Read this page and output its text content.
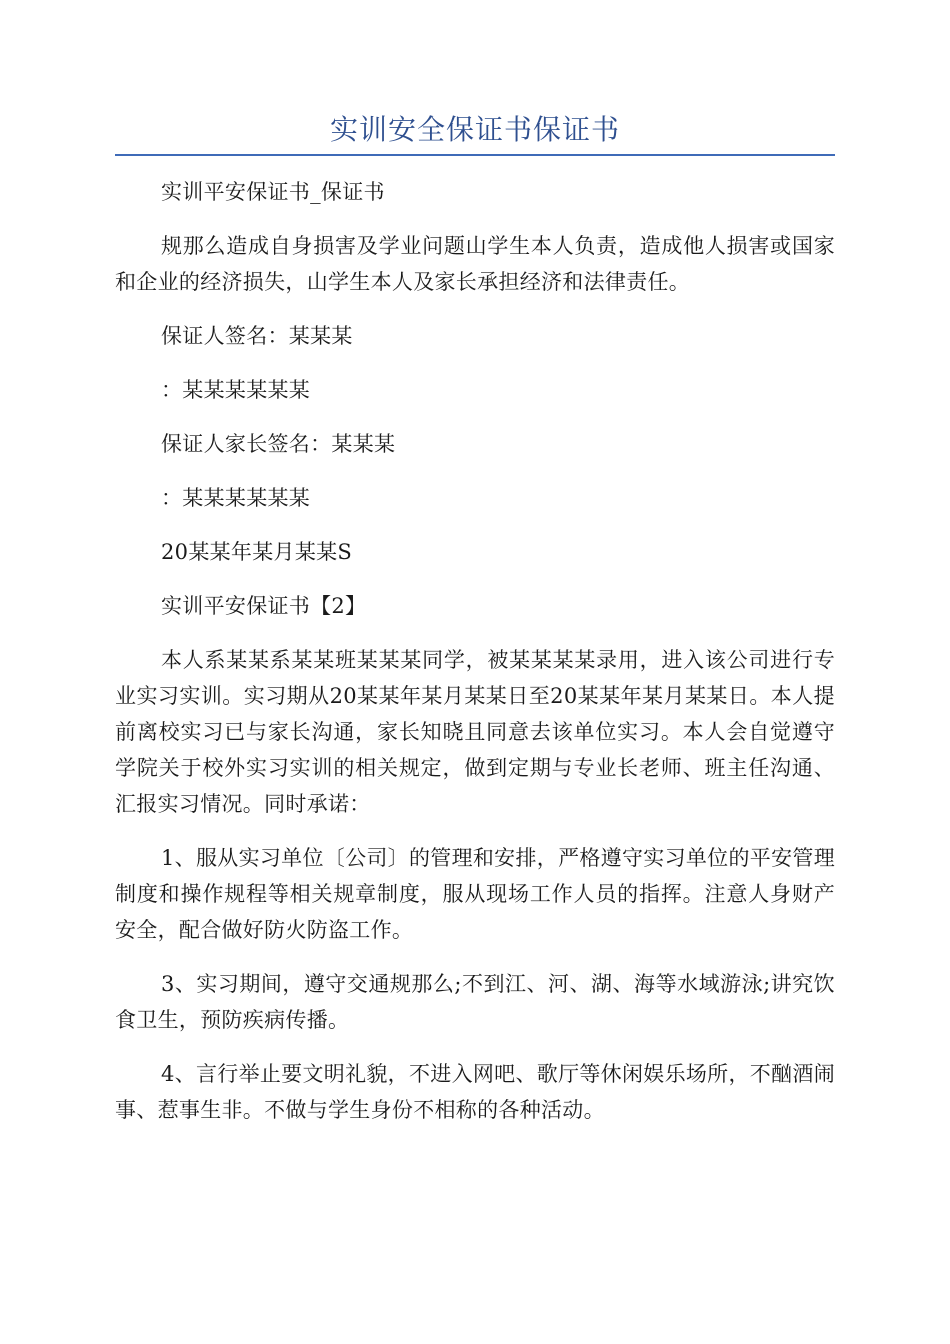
实训安全保证书保证书

实训平安保证书_保证书

规那么造成自身损害及学业问题山学生本人负责，造成他人损害或国家和企业的经济损失，山学生本人及家长承担经济和法律责任。

保证人签名：某某某

：某某某某某某

保证人家长签名：某某某

：某某某某某某

20某某年某月某某S

实训平安保证书【2】

本人系某某系某某班某某某同学，被某某某某录用，进入该公司进行专业实习实训。实习期从20某某年某月某某日至20某某年某月某某日。本人提前离校实习已与家长沟通，家长知晓且同意去该单位实习。本人会自觉遵守学院关于校外实习实训的相关规定，做到定期与专业长老师、班主任沟通、汇报实习情况。同时承诺：

1、服从实习单位〔公司〕的管理和安排，严格遵守实习单位的平安管理制度和操作规程等相关规章制度，服从现场工作人员的指挥。注意人身财产安全，配合做好防火防盗工作。

3、实习期间，遵守交通规那么;不到江、河、湖、海等水域游泳;讲究饮食卫生，预防疾病传播。

4、言行举止要文明礼貌，不进入网吧、歌厅等休闲娱乐场所，不酗酒闹事、惹事生非。不做与学生身份不相称的各种活动。
